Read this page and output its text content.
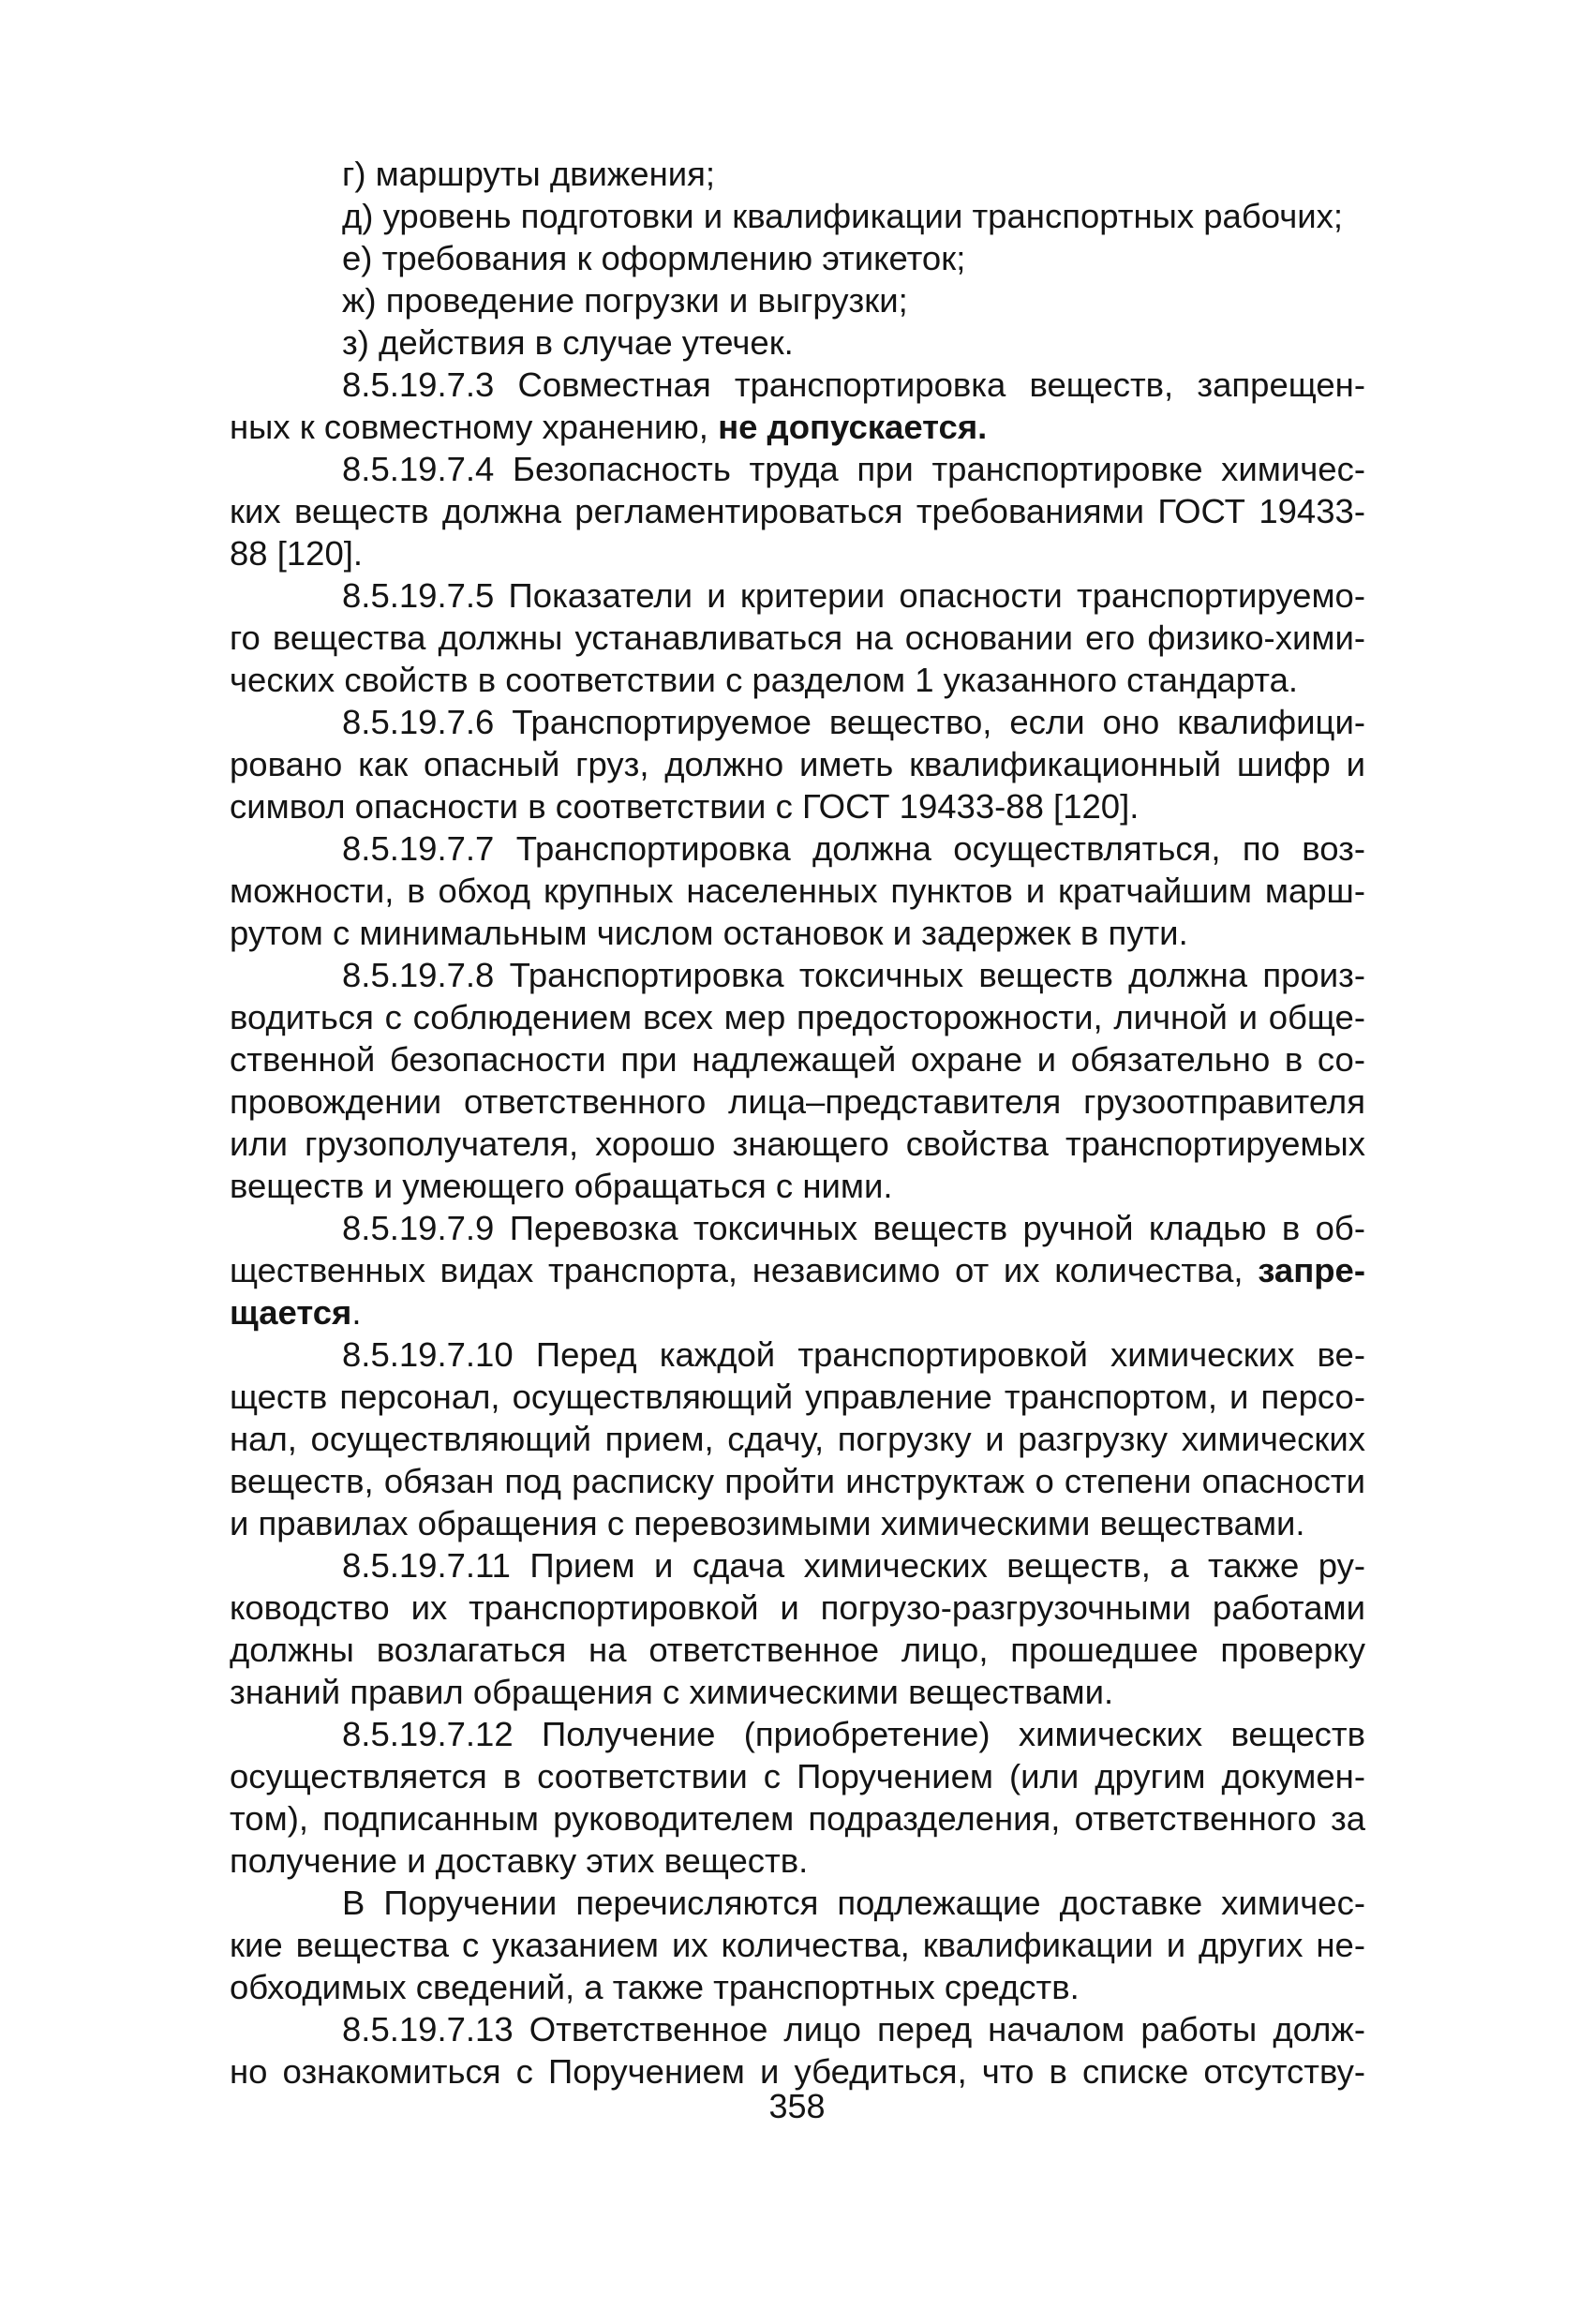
г) маршруты движения;
д) уровень подготовки и квалификации транспортных рабочих;
е) требования к оформлению этикеток;
ж) проведение погрузки и выгрузки;
з) действия в случае утечек.
8.5.19.7.3 Совместная транспортировка веществ, запрещен-
ных к совместному хранению, не допускается.
8.5.19.7.4 Безопасность труда при транспортировке химичес-
ких веществ должна регламентироваться требованиями ГОСТ 19433-
88 [120].
8.5.19.7.5 Показатели и критерии опасности транспортируемо-
го вещества должны устанавливаться на основании его физико-хими-
ческих свойств в соответствии с разделом 1 указанного стандарта.
8.5.19.7.6 Транспортируемое вещество, если оно квалифици-
ровано как опасный груз, должно иметь квалификационный шифр и
символ опасности в соответствии с ГОСТ 19433-88 [120].
8.5.19.7.7 Транспортировка должна осуществляться, по воз-
можности, в обход крупных населенных пунктов и кратчайшим марш-
рутом с минимальным числом остановок и задержек в пути.
8.5.19.7.8 Транспортировка токсичных веществ должна произ-
водиться с соблюдением всех мер предосторожности, личной и обще-
ственной безопасности при надлежащей охране и обязательно в со-
провождении ответственного лица–представителя грузоотправителя
или грузополучателя, хорошо знающего свойства транспортируемых
веществ и умеющего обращаться с ними.
8.5.19.7.9 Перевозка токсичных веществ ручной кладью в об-
щественных видах транспорта, независимо от их количества, запре-
щается.
8.5.19.7.10 Перед каждой транспортировкой химических ве-
ществ персонал, осуществляющий управление транспортом, и персо-
нал, осуществляющий прием, сдачу, погрузку и разгрузку химических
веществ, обязан под расписку пройти инструктаж о степени опасности
и правилах обращения с перевозимыми химическими веществами.
8.5.19.7.11 Прием и сдача химических веществ, а также ру-
ководство их транспортировкой и погрузо-разгрузочными работами
должны возлагаться на ответственное лицо, прошедшее проверку
знаний правил обращения с химическими веществами.
8.5.19.7.12 Получение (приобретение) химических веществ
осуществляется в соответствии с Поручением (или другим докумен-
том), подписанным руководителем подразделения, ответственного за
получение и доставку этих веществ.
В Поручении перечисляются подлежащие доставке химичес-
кие вещества с указанием их количества, квалификации и других не-
обходимых сведений, а также транспортных средств.
8.5.19.7.13 Ответственное лицо перед началом работы долж-
но ознакомиться с Поручением и убедиться, что в списке отсутству-
358
